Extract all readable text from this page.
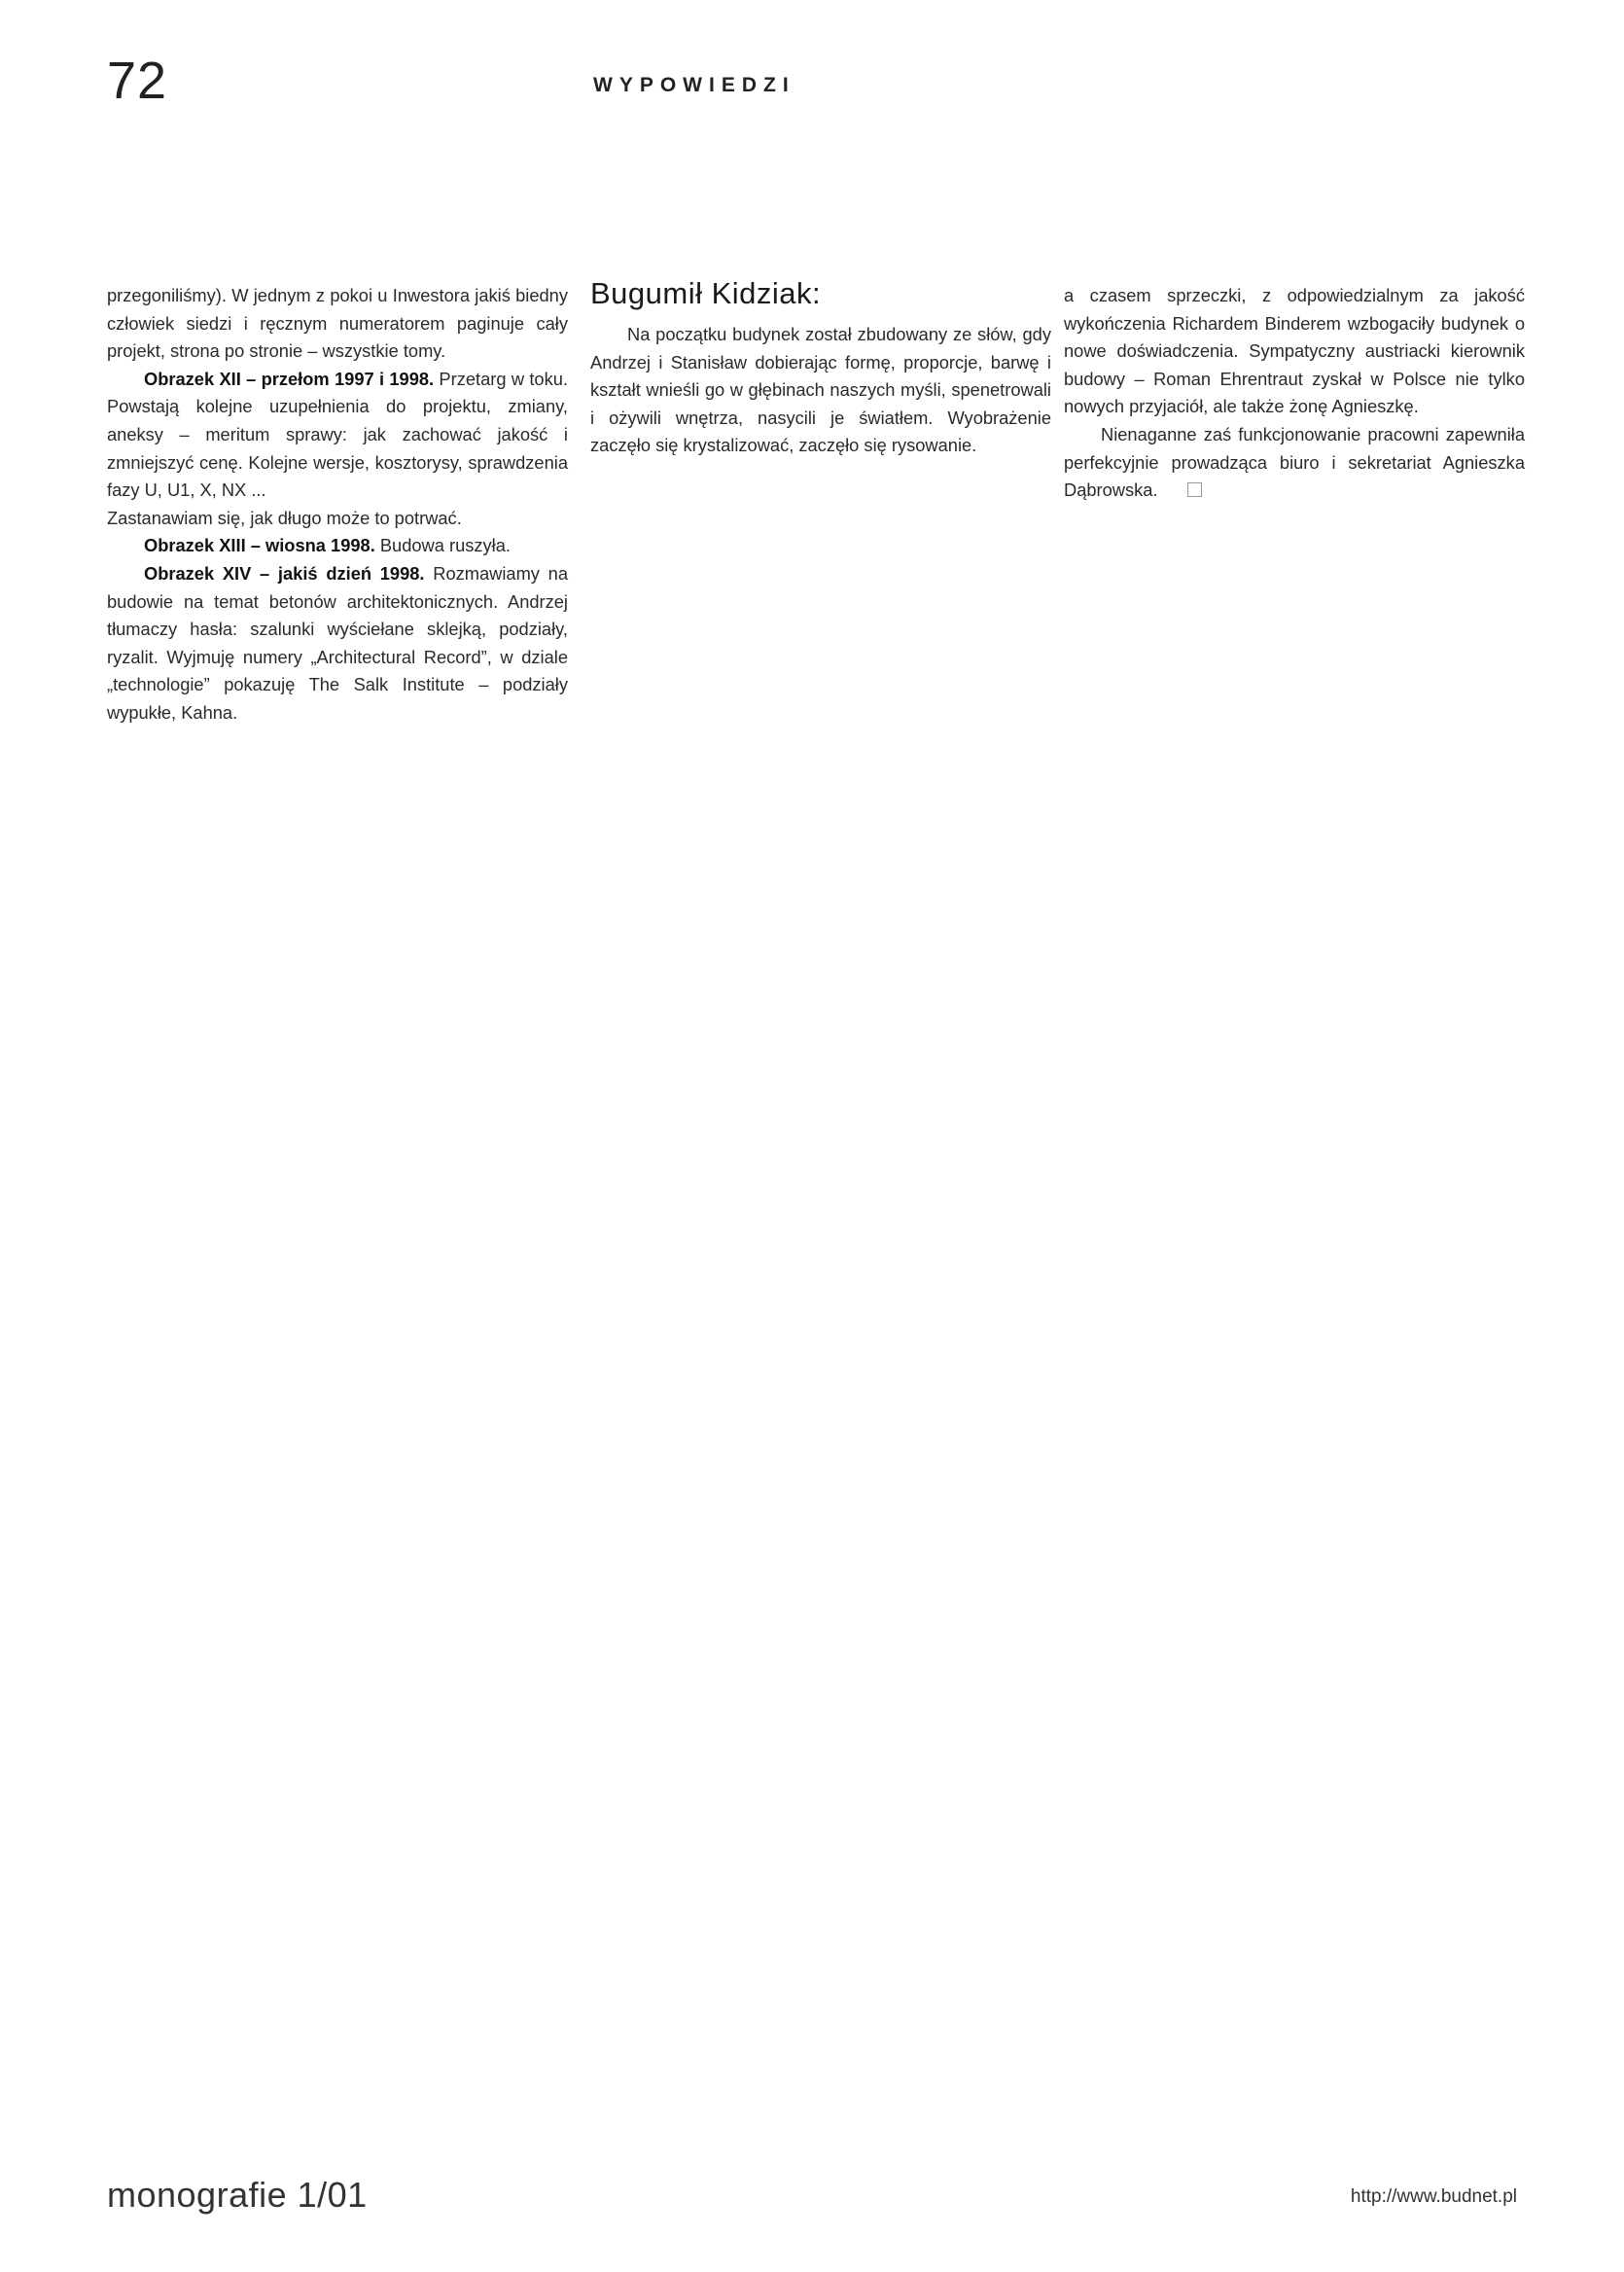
72	WYPOWIEDZI

przegoniliśmy). W jednym z pokoi u Inwestora jakiś biedny człowiek siedzi i ręcznym numeratorem paginuje cały projekt, strona po stronie – wszystkie tomy.

Obrazek XII – przełom 1997 i 1998. Przetarg w toku. Powstają kolejne uzupełnienia do projektu, zmiany, aneksy – meritum sprawy: jak zachować jakość i zmniejszyć cenę. Kolejne wersje, kosztorysy, sprawdzenia fazy U, U1, X, NX ...

Zastanawiam się, jak długo może to potrwać.

Obrazek XIII – wiosna 1998. Budowa ruszyła.

Obrazek XIV – jakiś dzień 1998. Rozmawiamy na budowie na temat betonów architektonicznych. Andrzej tłumaczy hasła: szalunki wyściełane sklejką, podziały, ryzalit. Wyjmuję numery „Architectural Record”, w dziale „technologie” pokazuję The Salk Institute – podziały wypukłe, Kahna.

Bugumił Kidziak:

Na początku budynek został zbudowany ze słów, gdy Andrzej i Stanisław dobierając formę, proporcje, barwę i kształt wnieśli go w głębinach naszych myśli, spenetrowali i ożywili wnętrza, nasycili je światłem. Wyobrażenie zaczęło się krystalizować, zaczęło się rysowanie.

a czasem sprzeczki, z odpowiedzialnym za jakość wykończenia Richardem Binderem wzbogaciły budynek o nowe doświadczenia. Sympatyczny austriacki kierownik budowy – Roman Ehrentraut zyskał w Polsce nie tylko nowych przyjaciół, ale także żonę Agnieszkę.

Nienaganne zaś funkcjonowanie pracowni zapewniła perfekcyjnie prowadząca biuro i sekretariat Agnieszka Dąbrowska.

monografie 1/01	http://www.budnet.pl
